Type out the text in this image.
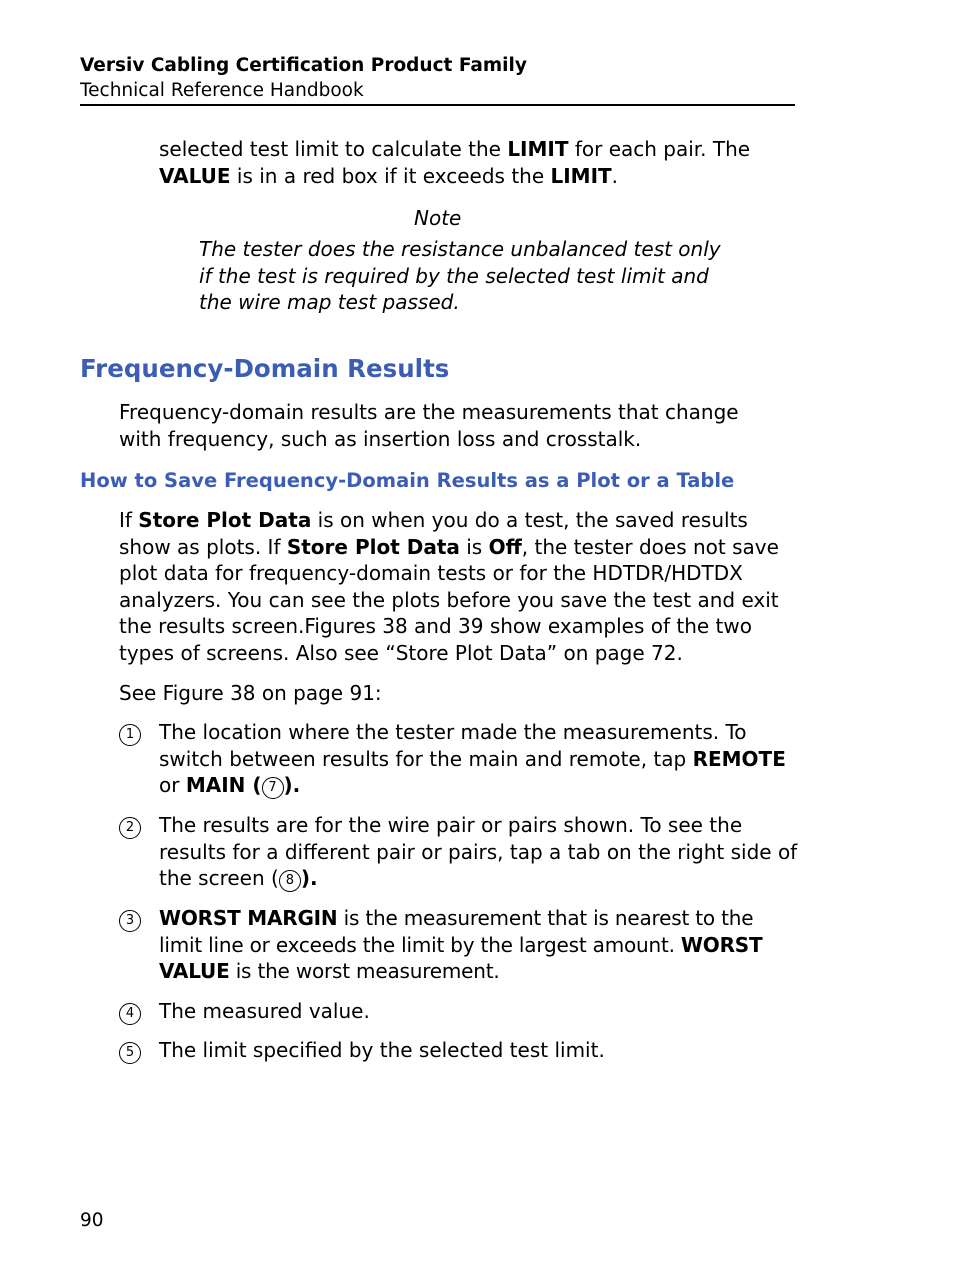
Versiv Cabling Certification Product Family
Technical Reference Handbook
selected test limit to calculate the LIMIT for each pair. The
VALUE is in a red box if it exceeds the LIMIT.
Note
The tester does the resistance unbalanced test only if the test is required by the selected test limit and the wire map test passed.
Frequency-Domain Results
Frequency-domain results are the measurements that change with frequency, such as insertion loss and crosstalk.
How to Save Frequency-Domain Results as a Plot or a Table
If Store Plot Data is on when you do a test, the saved results show as plots. If Store Plot Data is Off, the tester does not save plot data for frequency-domain tests or for the HDTDR/HDTDX analyzers. You can see the plots before you save the test and exit the results screen.Figures 38 and 39 show examples of the two types of screens. Also see “Store Plot Data” on page 72.
See Figure 38 on page 91:
1	The location where the tester made the measurements. To switch between results for the main and remote, tap REMOTE
or MAIN ( 7 ).
2	The results are for the wire pair or pairs shown. To see the results for a different pair or pairs, tap a tab on the right side of the screen ( 8 ).
3	WORST MARGIN is the measurement that is nearest to the limit line or exceeds the limit by the largest amount. WORST VALUE is the worst measurement.
4	The measured value.
5	The limit specified by the selected test limit.
90
